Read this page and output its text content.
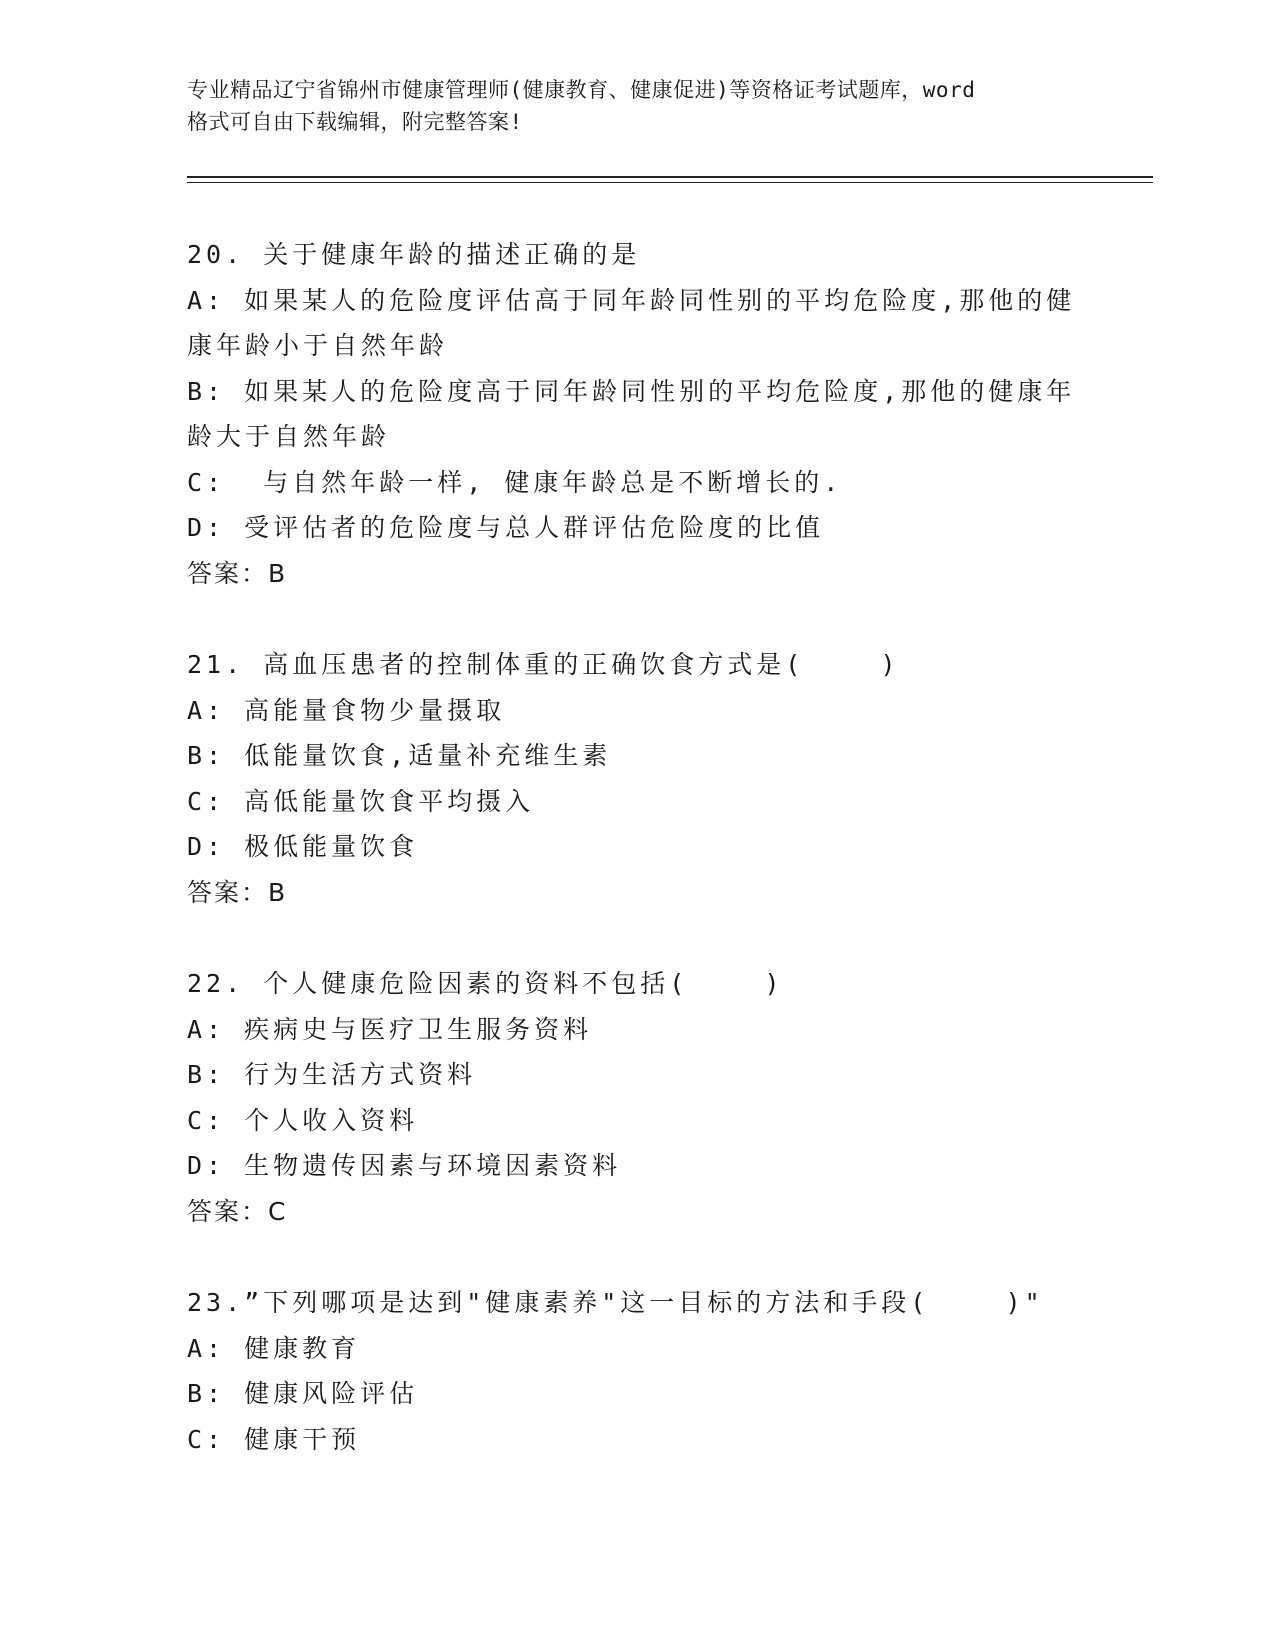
专业精品辽宁省锦州市健康管理师(健康教育、健康促进)等资格证考试题库，word
格式可自由下载编辑，附完整答案!
20. 关于健康年龄的描述正确的是
A: 如果某人的危险度评估高于同年龄同性别的平均危险度,那他的健
康年龄小于自然年龄
B: 如果某人的危险度高于同年龄同性别的平均危险度,那他的健康年
龄大于自然年龄
C:  与自然年龄一样, 健康年龄总是不断增长的.
D: 受评估者的危险度与总人群评估危险度的比值
答案：B
21. 高血压患者的控制体重的正确饮食方式是(    )
A: 高能量食物少量摄取
B: 低能量饮食,适量补充维生素
C: 高低能量饮食平均摄入
D: 极低能量饮食
答案：B
22. 个人健康危险因素的资料不包括(    )
A: 疾病史与医疗卫生服务资料
B: 行为生活方式资料
C: 个人收入资料
D: 生物遗传因素与环境因素资料
答案：C
23.”下列哪项是达到"健康素养"这一目标的方法和手段(    )"
A: 健康教育
B: 健康风险评估
C: 健康干预
